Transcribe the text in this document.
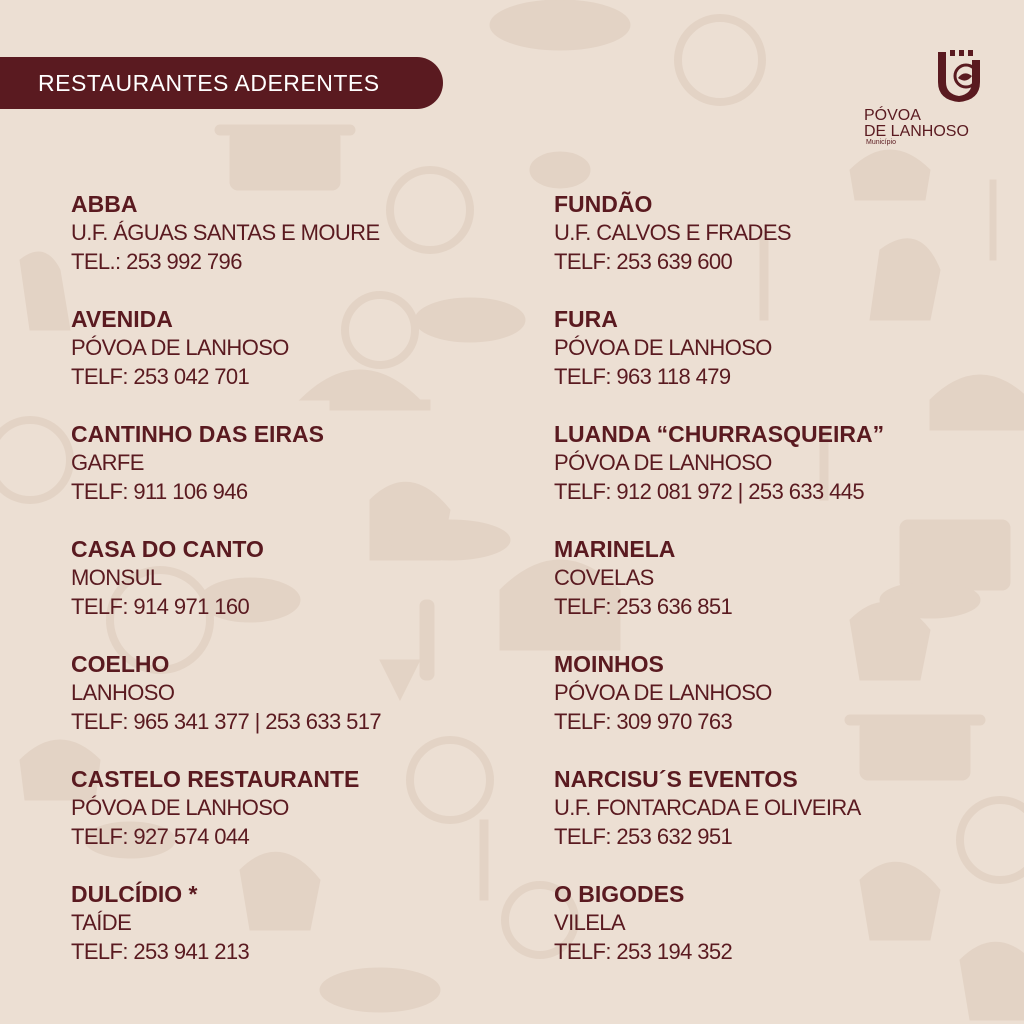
RESTAURANTES ADERENTES
PÓVOA
DE LANHOSO
Município
ABBA
U.F. ÁGUAS SANTAS E MOURE
TEL.: 253 992 796
AVENIDA
PÓVOA DE LANHOSO
TELF: 253 042 701
CANTINHO DAS EIRAS
GARFE
TELF: 911 106 946
CASA DO CANTO
MONSUL
TELF: 914 971 160
COELHO
LANHOSO
TELF: 965 341 377 | 253 633 517
CASTELO RESTAURANTE
PÓVOA DE LANHOSO
TELF: 927 574 044
DULCÍDIO *
TAÍDE
TELF: 253 941 213
FUNDÃO
U.F. CALVOS E FRADES
TELF: 253 639 600
FURA
PÓVOA DE LANHOSO
TELF: 963 118 479
LUANDA “CHURRASQUEIRA”
PÓVOA DE LANHOSO
TELF: 912 081 972 | 253 633 445
MARINELA
COVELAS
TELF: 253 636 851
MOINHOS
PÓVOA DE LANHOSO
TELF: 309 970 763
NARCISU´S EVENTOS
U.F. FONTARCADA E OLIVEIRA
TELF: 253 632 951
O BIGODES
VILELA
TELF: 253 194 352
